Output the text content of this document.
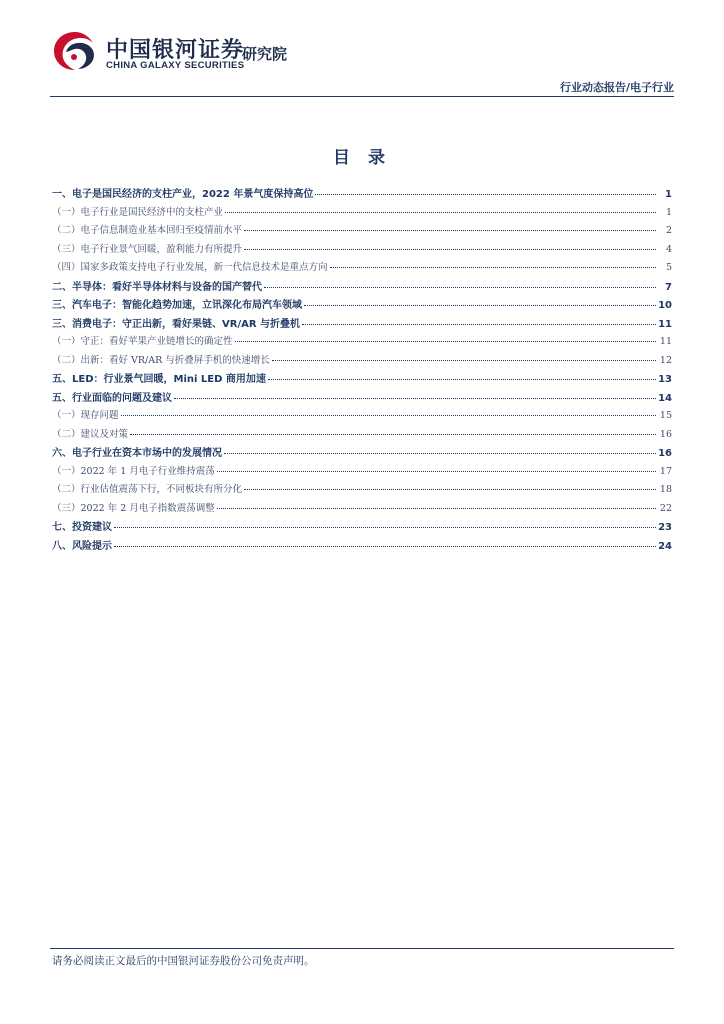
中国银河证券
CHINA GALAXY SECURITIES
研究院
行业动态报告/电子行业
目 录
一、电子是国民经济的支柱产业，2022 年景气度保持高位	1
（一）电子行业是国民经济中的支柱产业	1
（二）电子信息制造业基本回归至疫情前水平	2
（三）电子行业景气回暖，盈利能力有所提升	4
（四）国家多政策支持电子行业发展，新一代信息技术是重点方向	5
二、半导体：看好半导体材料与设备的国产替代	7
三、汽车电子：智能化趋势加速，立讯深化布局汽车领域	10
三、消费电子：守正出新，看好果链、VR/AR 与折叠机	11
（一）守正：看好苹果产业链增长的确定性	11
（二）出新：看好 VR/AR 与折叠屏手机的快速增长	12
五、LED：行业景气回暖，Mini LED 商用加速	13
五、行业面临的问题及建议	14
（一）现存问题	15
（二）建议及对策	16
六、电子行业在资本市场中的发展情况	16
（一）2022 年 1 月电子行业维持震荡	17
（二）行业估值震荡下行，不同板块有所分化	18
（三）2022 年 2 月电子指数震荡调整	22
七、投资建议	23
八、风险提示	24
请务必阅读正文最后的中国银河证券股份公司免责声明。
